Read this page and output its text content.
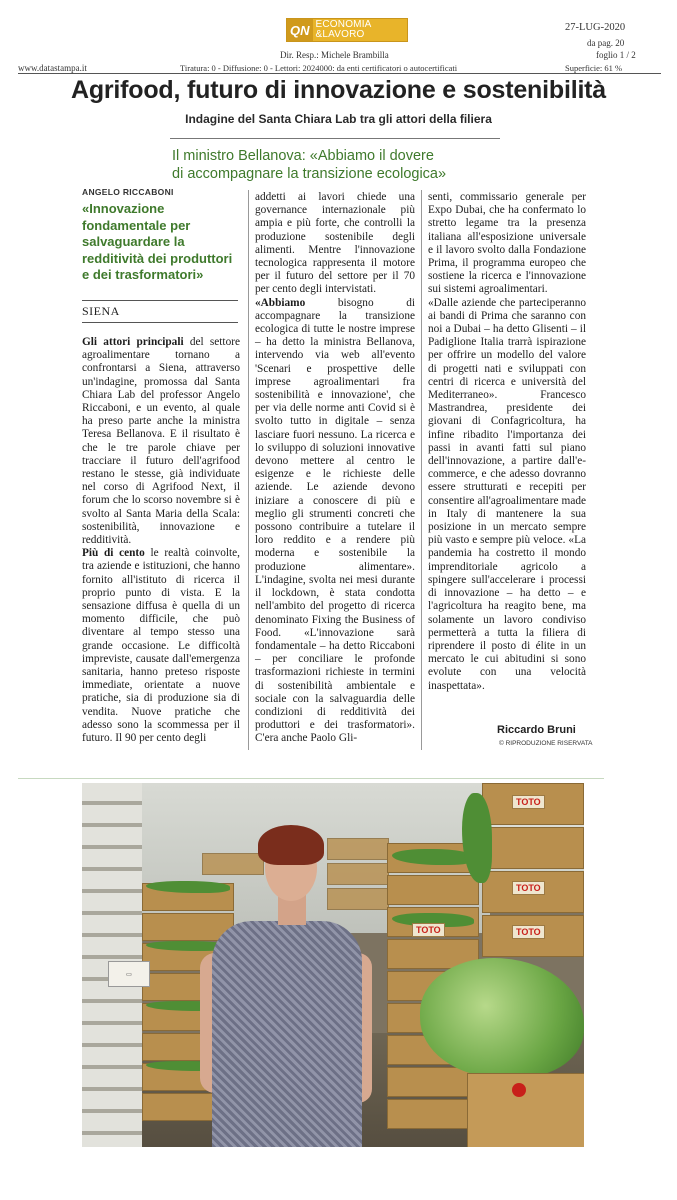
QN ECONOMIA
&LAVORO
Dir. Resp.: Michele Brambilla
www.datastampa.it	Tiratura: 0 - Diffusione: 0 - Lettori: 2024000: da enti certificatori o autocertificati
27-LUG-2020
da pag. 20
foglio 1 / 2
Superficie: 61 %
Agrifood, futuro di innovazione e sostenibilità
Indagine del Santa Chiara Lab tra gli attori della filiera
Il ministro Bellanova: «Abbiamo il dovere
di accompagnare la transizione ecologica»
ANGELO RICCABONI
«Innovazione fondamentale per salvaguardare la redditività dei produttori e dei trasformatori»
SIENA

Gli attori principali del settore agroalimentare tornano a confrontarsi a Siena, attraverso un'indagine, promossa dal Santa Chiara Lab del professor Angelo Riccaboni, e un evento, al quale ha preso parte anche la ministra Teresa Bellanova. E il risultato è che le tre parole chiave per tracciare il futuro dell'agrifood restano le stesse, già individuate nel corso di Agrifood Next, il forum che lo scorso novembre si è svolto al Santa Maria della Scala: sostenibilità, innovazione e redditività.

Più di cento le realtà coinvolte, tra aziende e istituzioni, che hanno fornito all'istituto di ricerca il proprio punto di vista. E la sensazione diffusa è quella di un momento difficile, che può diventare al tempo stesso una grande occasione. Le difficoltà impreviste, causate dall'emergenza sanitaria, hanno preteso risposte immediate, orientate a nuove pratiche, sia di produzione sia di vendita. Nuove pratiche che adesso sono la scommessa per il futuro. Il 90 per cento degli

addetti ai lavori chiede una governance internazionale più ampia e più forte, che controlli la produzione sostenibile degli alimenti. Mentre l'innovazione tecnologica rappresenta il motore per il futuro del settore per il 70 per cento degli intervistati.

«Abbiamo bisogno di accompagnare la transizione ecologica di tutte le nostre imprese – ha detto la ministra Bellanova, intervendo via web all'evento 'Scenari e prospettive delle imprese agroalimentari fra sostenibilità e innovazione', che per via delle norme anti Covid si è svolto tutto in digitale – senza lasciare fuori nessuno. La ricerca e lo sviluppo di soluzioni innovative devono mettere al centro le esigenze e le richieste delle aziende. Le aziende devono iniziare a conoscere di più e meglio gli strumenti concreti che possono contribuire a tutelare il loro reddito e a rendere più moderna e sostenibile la produzione alimentare». L'indagine, svolta nei mesi durante il lockdown, è stata condotta nell'ambito del progetto di ricerca denominato Fixing the Business of Food. «L'innovazione sarà fondamentale – ha detto Riccaboni – per conciliare le profonde trasformazioni richieste in termini di sostenibilità ambientale e sociale con la salvaguardia delle condizioni di redditività dei produttori e dei trasformatori». C'era anche Paolo Gli-

senti, commissario generale per Expo Dubai, che ha confermato lo stretto legame tra la presenza italiana all'esposizione universale e il lavoro svolto dalla Fondazione Prima, il programma europeo che sostiene la ricerca e l'innovazione sui sistemi agroalimentari.

«Dalle aziende che parteciperanno ai bandi di Prima che saranno con noi a Dubai – ha detto Glisenti – il Padiglione Italia trarrà ispirazione per offrire un modello del valore di progetti nati e sviluppati con centri di ricerca e università del Mediterraneo». Francesco Mastrandrea, presidente dei giovani di Confagricoltura, ha infine ribadito l'importanza dei passi in avanti fatti sul piano dell'innovazione, a partire dall'e-commerce, e che adesso dovranno essere strutturati e recepiti per consentire all'agroalimentare made in Italy di mantenere la sua posizione in un mercato sempre più vasto e sempre più veloce. «La pandemia ha costretto il mondo imprenditoriale agricolo a spingere sull'accelerare i processi di innovazione – ha detto – e l'agricoltura ha reagito bene, ma solamente un lavoro condiviso permetterà a tutta la filiera di riprendere il posto di élite in un mercato le cui abitudini si sono evolute con una velocità inaspettata».

Riccardo Bruni
© RIPRODUZIONE RISERVATA
▭
TOTO
TOTO
TOTO
TOTO
